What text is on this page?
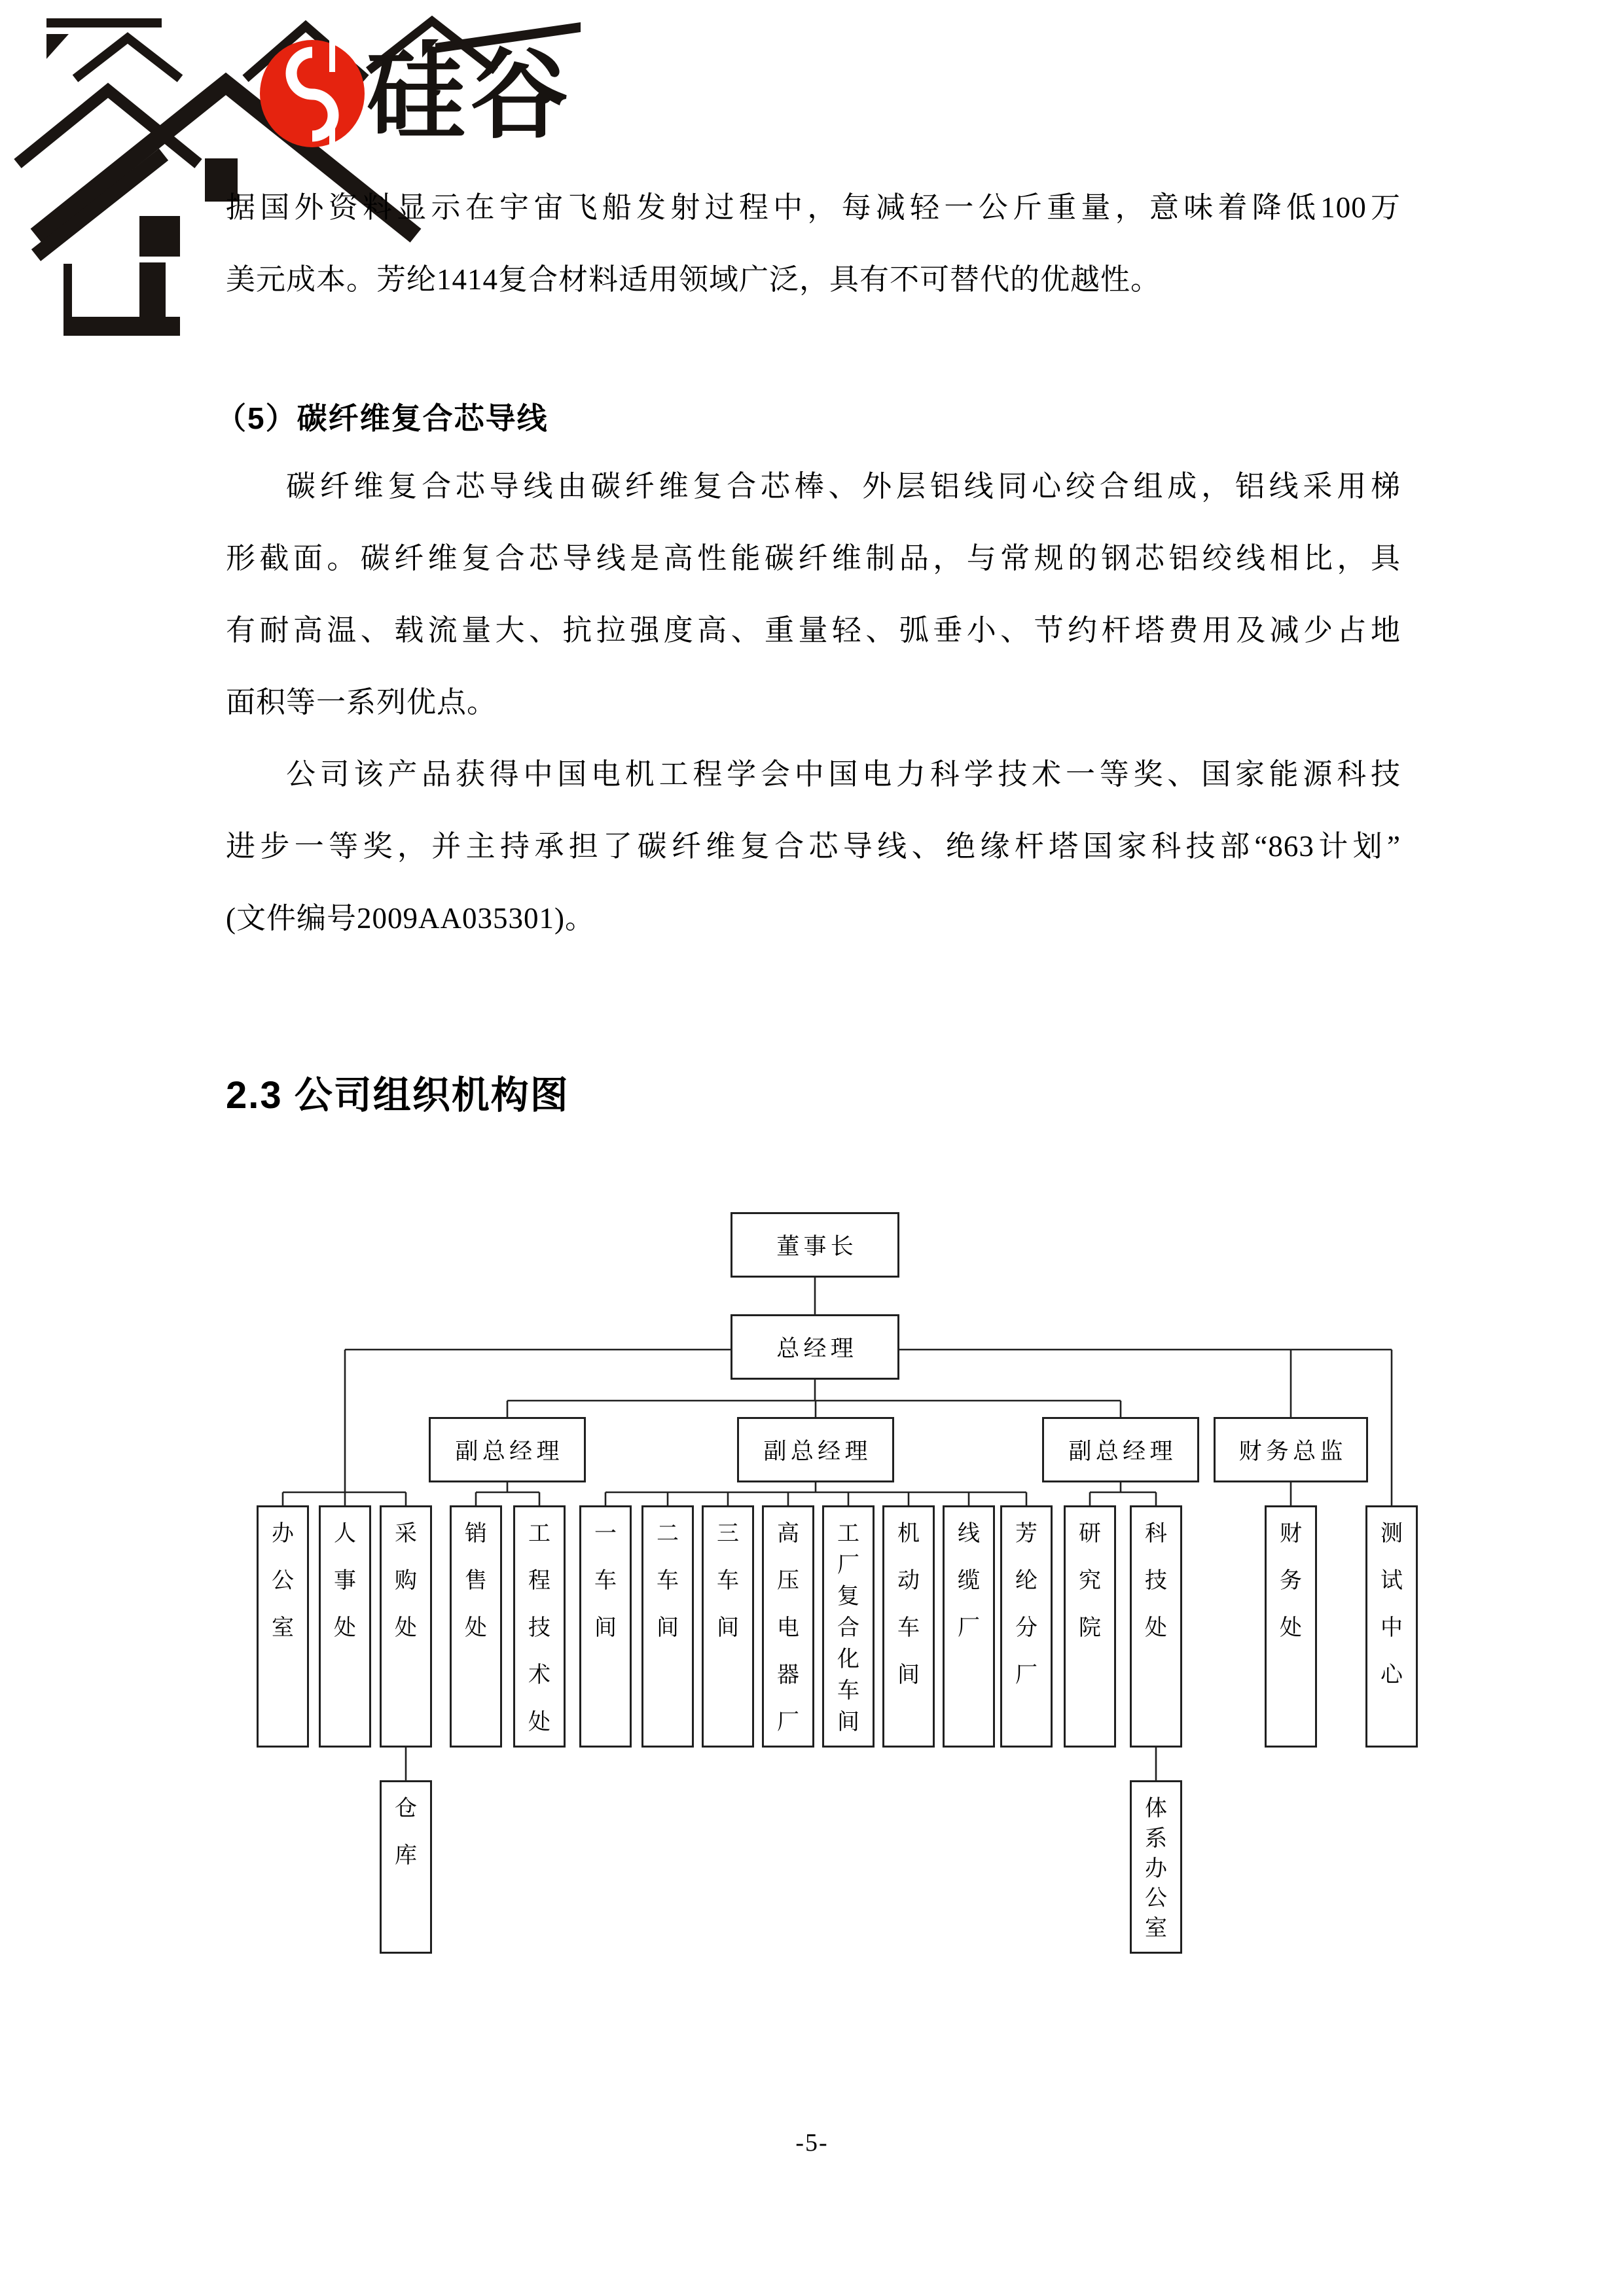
硅谷
据国外资料显示在宇宙飞船发射过程中，每减轻一公斤重量，意味着降低100万
美元成本。芳纶1414复合材料适用领域广泛，具有不可替代的优越性。
（5）碳纤维复合芯导线
碳纤维复合芯导线由碳纤维复合芯棒、外层铝线同心绞合组成，铝线采用梯
形截面。碳纤维复合芯导线是高性能碳纤维制品，与常规的钢芯铝绞线相比，具
有耐高温、载流量大、抗拉强度高、重量轻、弧垂小、节约杆塔费用及减少占地
面积等一系列优点。
公司该产品获得中国电机工程学会中国电力科学技术一等奖、国家能源科技
进步一等奖，并主持承担了碳纤维复合芯导线、绝缘杆塔国家科技部“863计划”
(文件编号2009AA035301)。
2.3 公司组织机构图
董事长
总经理
副总经理	副总经理	副总经理	财务总监
办
公
室
人
事
处
采
购
处
销
售
处
工
程
技
术
处
一
车
间
二
车
间
三
车
间
高
压
电
器
厂
工
厂
复
合
化
车
间
机
动
车
间
线
缆
厂
芳
纶
分
厂
研
究
院
科
技
处
财
务
处
测
试
中
心
仓
库
体
系
办
公
室
-5-
